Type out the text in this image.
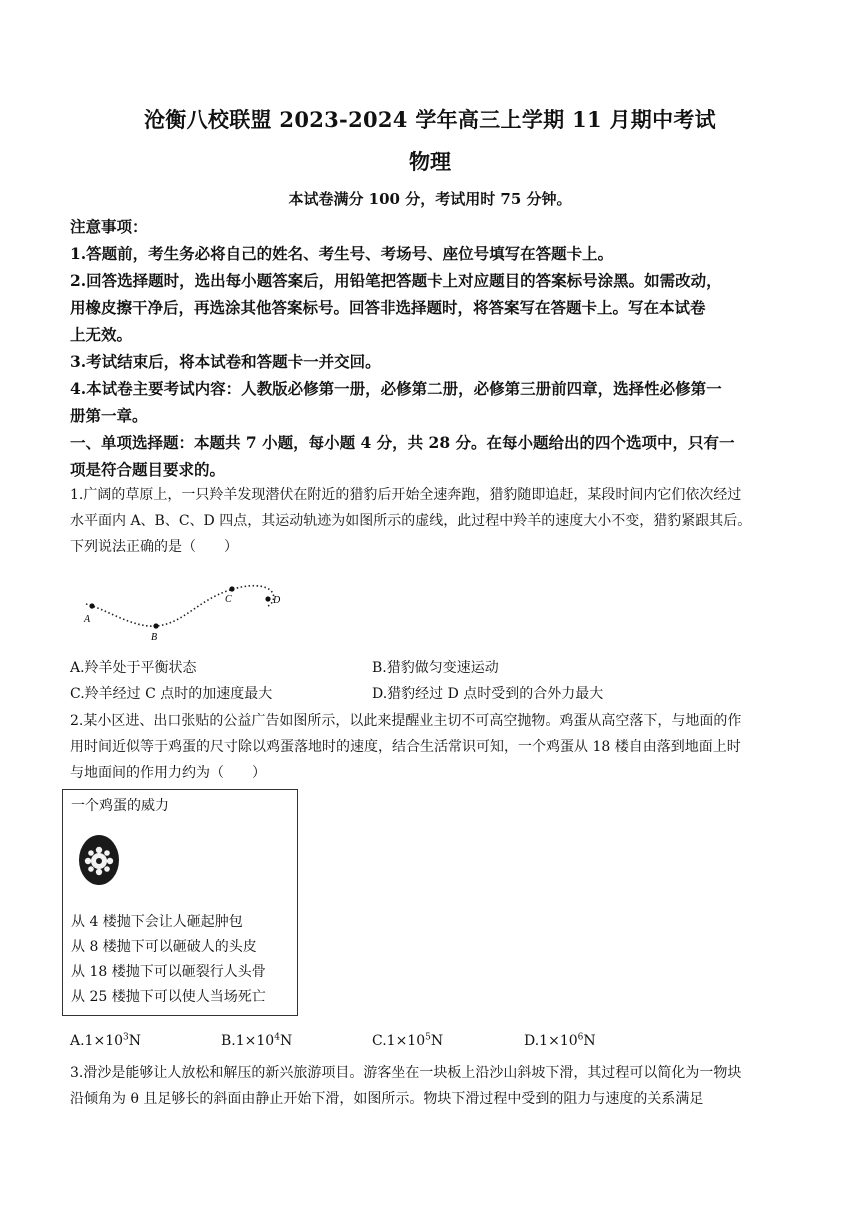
沧衡八校联盟 2023-2024 学年高三上学期 11 月期中考试
物理
本试卷满分 100 分，考试用时 75 分钟。
注意事项：
1.答题前，考生务必将自己的姓名、考生号、考场号、座位号填写在答题卡上。
2.回答选择题时，选出每小题答案后，用铅笔把答题卡上对应题目的答案标号涂黑。如需改动，
用橡皮擦干净后，再选涂其他答案标号。回答非选择题时，将答案写在答题卡上。写在本试卷
上无效。
3.考试结束后，将本试卷和答题卡一并交回。
4.本试卷主要考试内容：人教版必修第一册，必修第二册，必修第三册前四章，选择性必修第一
册第一章。
一、单项选择题：本题共 7 小题，每小题 4 分，共 28 分。在每小题给出的四个选项中，只有一
项是符合题目要求的。
1.广阔的草原上，一只羚羊发现潜伏在附近的猎豹后开始全速奔跑，猎豹随即追赶，某段时间内它们依次经过
水平面内 A、B、C、D 四点，其运动轨迹为如图所示的虚线，此过程中羚羊的速度大小不变，猎豹紧跟其后。
下列说法正确的是（　　）
A
B
C	D
A.羚羊处于平衡状态	B.猎豹做匀变速运动
C.羚羊经过 C 点时的加速度最大	D.猎豹经过 D 点时受到的合外力最大
2.某小区进、出口张贴的公益广告如图所示，以此来提醒业主切不可高空抛物。鸡蛋从高空落下，与地面的作
用时间近似等于鸡蛋的尺寸除以鸡蛋落地时的速度，结合生活常识可知，一个鸡蛋从 18 楼自由落到地面上时
与地面间的作用力约为（　　）
一个鸡蛋的威力
从 4 楼抛下会让人砸起肿包
从 8 楼抛下可以砸破人的头皮
从 18 楼抛下可以砸裂行人头骨
从 25 楼抛下可以使人当场死亡
$A.1\times 10^3N$	$B.1\times 10^4N$	$C.1\times 10^5N$	$D.1\times 10^6N$
3.滑沙是能够让人放松和解压的新兴旅游项目。游客坐在一块板上沿沙山斜坡下滑，其过程可以简化为一物块
沿倾角为 θ 且足够长的斜面由静止开始下滑，如图所示。物块下滑过程中受到的阻力与速度的关系满足
